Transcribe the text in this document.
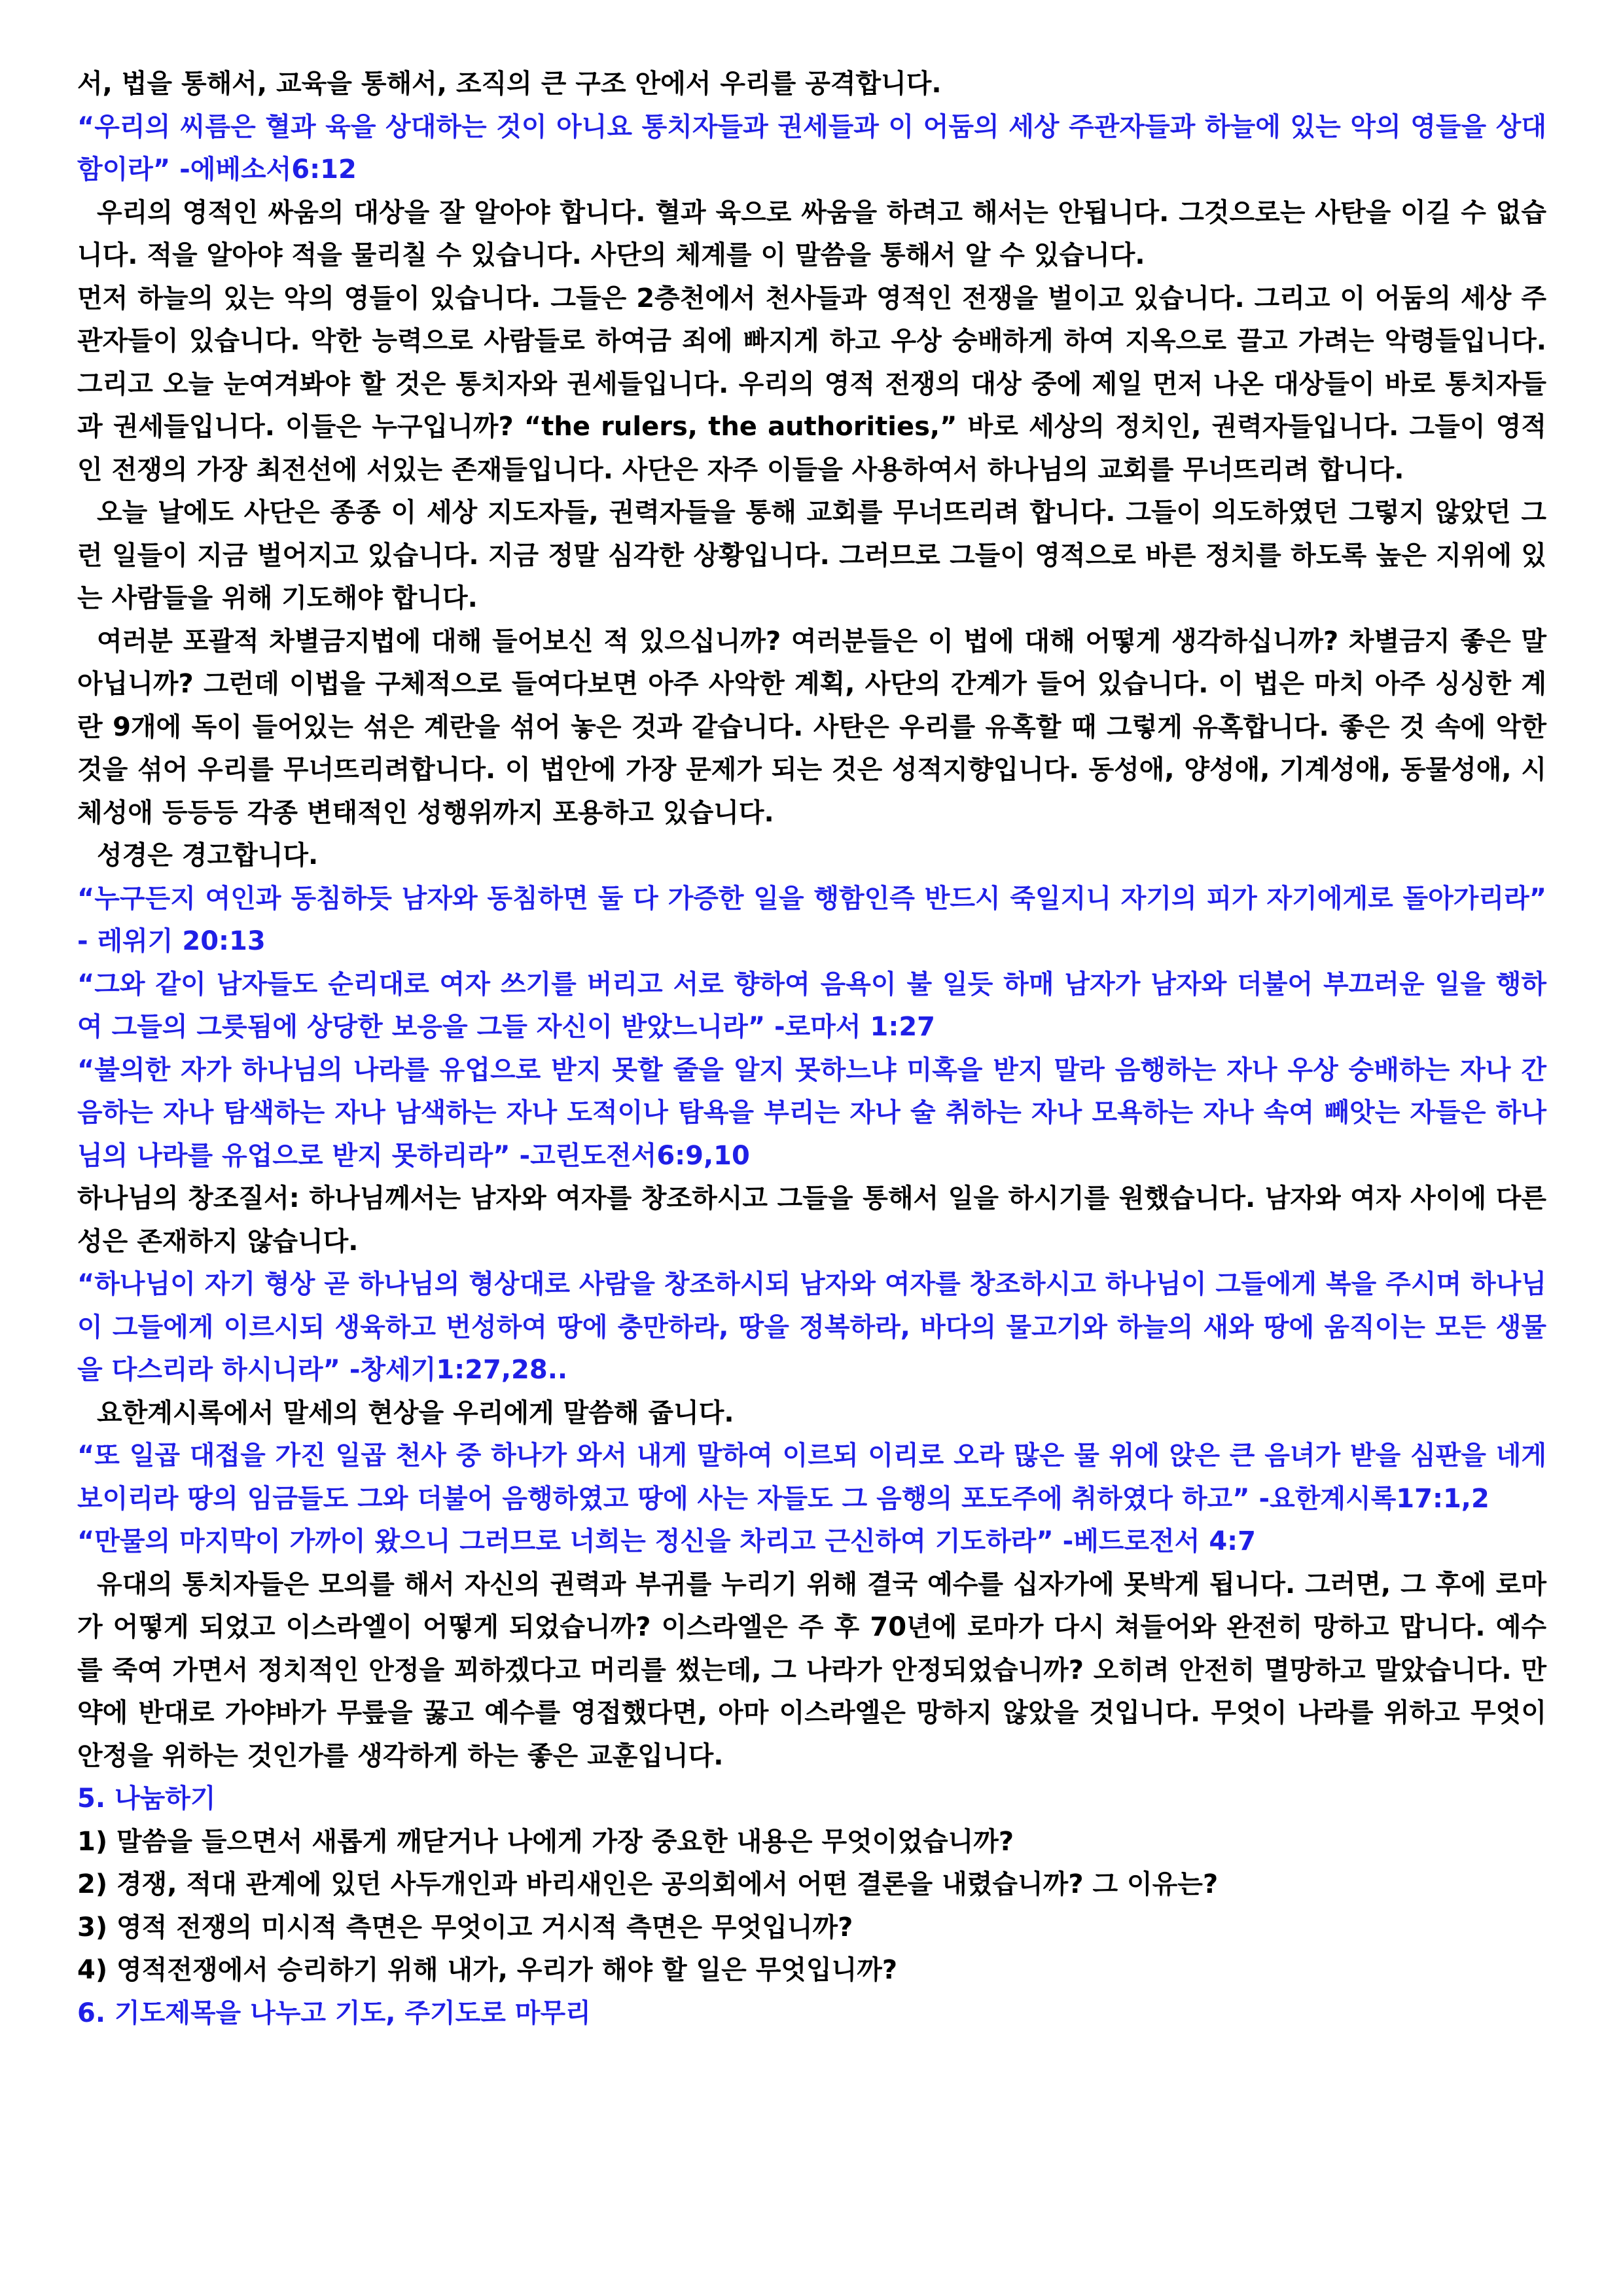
서, 법을 통해서, 교육을 통해서, 조직의 큰 구조 안에서 우리를 공격합니다.

“우리의 씨름은 혈과 육을 상대하는 것이 아니요 통치자들과 권세들과 이 어둠의 세상 주관자들과 하늘에 있는 악의 영들을 상대함이라” -에베소서6:12

우리의 영적인 싸움의 대상을 잘 알아야 합니다. 혈과 육으로 싸움을 하려고 해서는 안됩니다. 그것으로는 사탄을 이길 수 없습니다. 적을 알아야 적을 물리칠 수 있습니다. 사단의 체계를 이 말씀을 통해서 알 수 있습니다.

먼저 하늘의 있는 악의 영들이 있습니다. 그들은 2층천에서 천사들과 영적인 전쟁을 벌이고 있습니다. 그리고 이 어둠의 세상 주관자들이 있습니다. 악한 능력으로 사람들로 하여금 죄에 빠지게 하고 우상 숭배하게 하여 지옥으로 끌고 가려는 악령들입니다. 그리고 오늘 눈여겨봐야 할 것은 통치자와 권세들입니다. 우리의 영적 전쟁의 대상 중에 제일 먼저 나온 대상들이 바로 통치자들과 권세들입니다. 이들은 누구입니까? “the rulers, the authorities,” 바로 세상의 정치인, 권력자들입니다. 그들이 영적인 전쟁의 가장 최전선에 서있는 존재들입니다. 사단은 자주 이들을 사용하여서 하나님의 교회를 무너뜨리려 합니다.

오늘 날에도 사단은 종종 이 세상 지도자들, 권력자들을 통해 교회를 무너뜨리려 합니다. 그들이 의도하였던 그렇지 않았던 그런 일들이 지금 벌어지고 있습니다. 지금 정말 심각한 상황입니다. 그러므로 그들이 영적으로 바른 정치를 하도록 높은 지위에 있는 사람들을 위해 기도해야 합니다.

여러분 포괄적 차별금지법에 대해 들어보신 적 있으십니까? 여러분들은 이 법에 대해 어떻게 생각하십니까? 차별금지 좋은 말 아닙니까? 그런데 이법을 구체적으로 들여다보면 아주 사악한 계획, 사단의 간계가 들어 있습니다. 이 법은 마치 아주 싱싱한 계란 9개에 독이 들어있는 섞은 계란을 섞어 놓은 것과 같습니다. 사탄은 우리를 유혹할 때 그렇게 유혹합니다. 좋은 것 속에 악한 것을 섞어 우리를 무너뜨리려합니다. 이 법안에 가장 문제가 되는 것은 성적지향입니다. 동성애, 양성애, 기계성애, 동물성애, 시체성애 등등등 각종 변태적인 성행위까지 포용하고 있습니다.

성경은 경고합니다.

“누구든지 여인과 동침하듯 남자와 동침하면 둘 다 가증한 일을 행함인즉 반드시 죽일지니 자기의 피가 자기에게로 돌아가리라” - 레위기 20:13

“그와 같이 남자들도 순리대로 여자 쓰기를 버리고 서로 향하여 음욕이 불 일듯 하매 남자가 남자와 더불어 부끄러운 일을 행하여 그들의 그릇됨에 상당한 보응을 그들 자신이 받았느니라” -로마서 1:27

“불의한 자가 하나님의 나라를 유업으로 받지 못할 줄을 알지 못하느냐 미혹을 받지 말라 음행하는 자나 우상 숭배하는 자나 간음하는 자나 탐색하는 자나 남색하는 자나 도적이나 탐욕을 부리는 자나 술 취하는 자나 모욕하는 자나 속여 빼앗는 자들은 하나님의 나라를 유업으로 받지 못하리라” -고린도전서6:9,10

하나님의 창조질서: 하나님께서는 남자와 여자를 창조하시고 그들을 통해서 일을 하시기를 원했습니다. 남자와 여자 사이에 다른 성은 존재하지 않습니다.

“하나님이 자기 형상 곧 하나님의 형상대로 사람을 창조하시되 남자와 여자를 창조하시고 하나님이 그들에게 복을 주시며 하나님이 그들에게 이르시되 생육하고 번성하여 땅에 충만하라, 땅을 정복하라, 바다의 물고기와 하늘의 새와 땅에 움직이는 모든 생물을 다스리라 하시니라” -창세기1:27,28..

요한계시록에서 말세의 현상을 우리에게 말씀해 줍니다.

“또 일곱 대접을 가진 일곱 천사 중 하나가 와서 내게 말하여 이르되 이리로 오라 많은 물 위에 앉은 큰 음녀가 받을 심판을 네게 보이리라 땅의 임금들도 그와 더불어 음행하였고 땅에 사는 자들도 그 음행의 포도주에 취하였다 하고” -요한계시록17:1,2

“만물의 마지막이 가까이 왔으니 그러므로 너희는 정신을 차리고 근신하여 기도하라” -베드로전서 4:7

유대의 통치자들은 모의를 해서 자신의 권력과 부귀를 누리기 위해 결국 예수를 십자가에 못박게 됩니다. 그러면, 그 후에 로마가 어떻게 되었고 이스라엘이 어떻게 되었습니까? 이스라엘은 주 후 70년에 로마가 다시 쳐들어와 완전히 망하고 맙니다. 예수를 죽여 가면서 정치적인 안정을 꾀하겠다고 머리를 썼는데, 그 나라가 안정되었습니까? 오히려 안전히 멸망하고 말았습니다. 만약에 반대로 가야바가 무릎을 꿇고 예수를 영접했다면, 아마 이스라엘은 망하지 않았을 것입니다. 무엇이 나라를 위하고 무엇이 안정을 위하는 것인가를 생각하게 하는 좋은 교훈입니다.

5. 나눔하기

1) 말씀을 들으면서 새롭게 깨닫거나 나에게 가장 중요한 내용은 무엇이었습니까?

2) 경쟁, 적대 관계에 있던 사두개인과 바리새인은 공의회에서 어떤 결론을 내렸습니까? 그 이유는?

3) 영적 전쟁의 미시적 측면은 무엇이고 거시적 측면은 무엇입니까?

4) 영적전쟁에서 승리하기 위해 내가, 우리가 해야 할 일은 무엇입니까?

6. 기도제목을 나누고 기도, 주기도로 마무리
